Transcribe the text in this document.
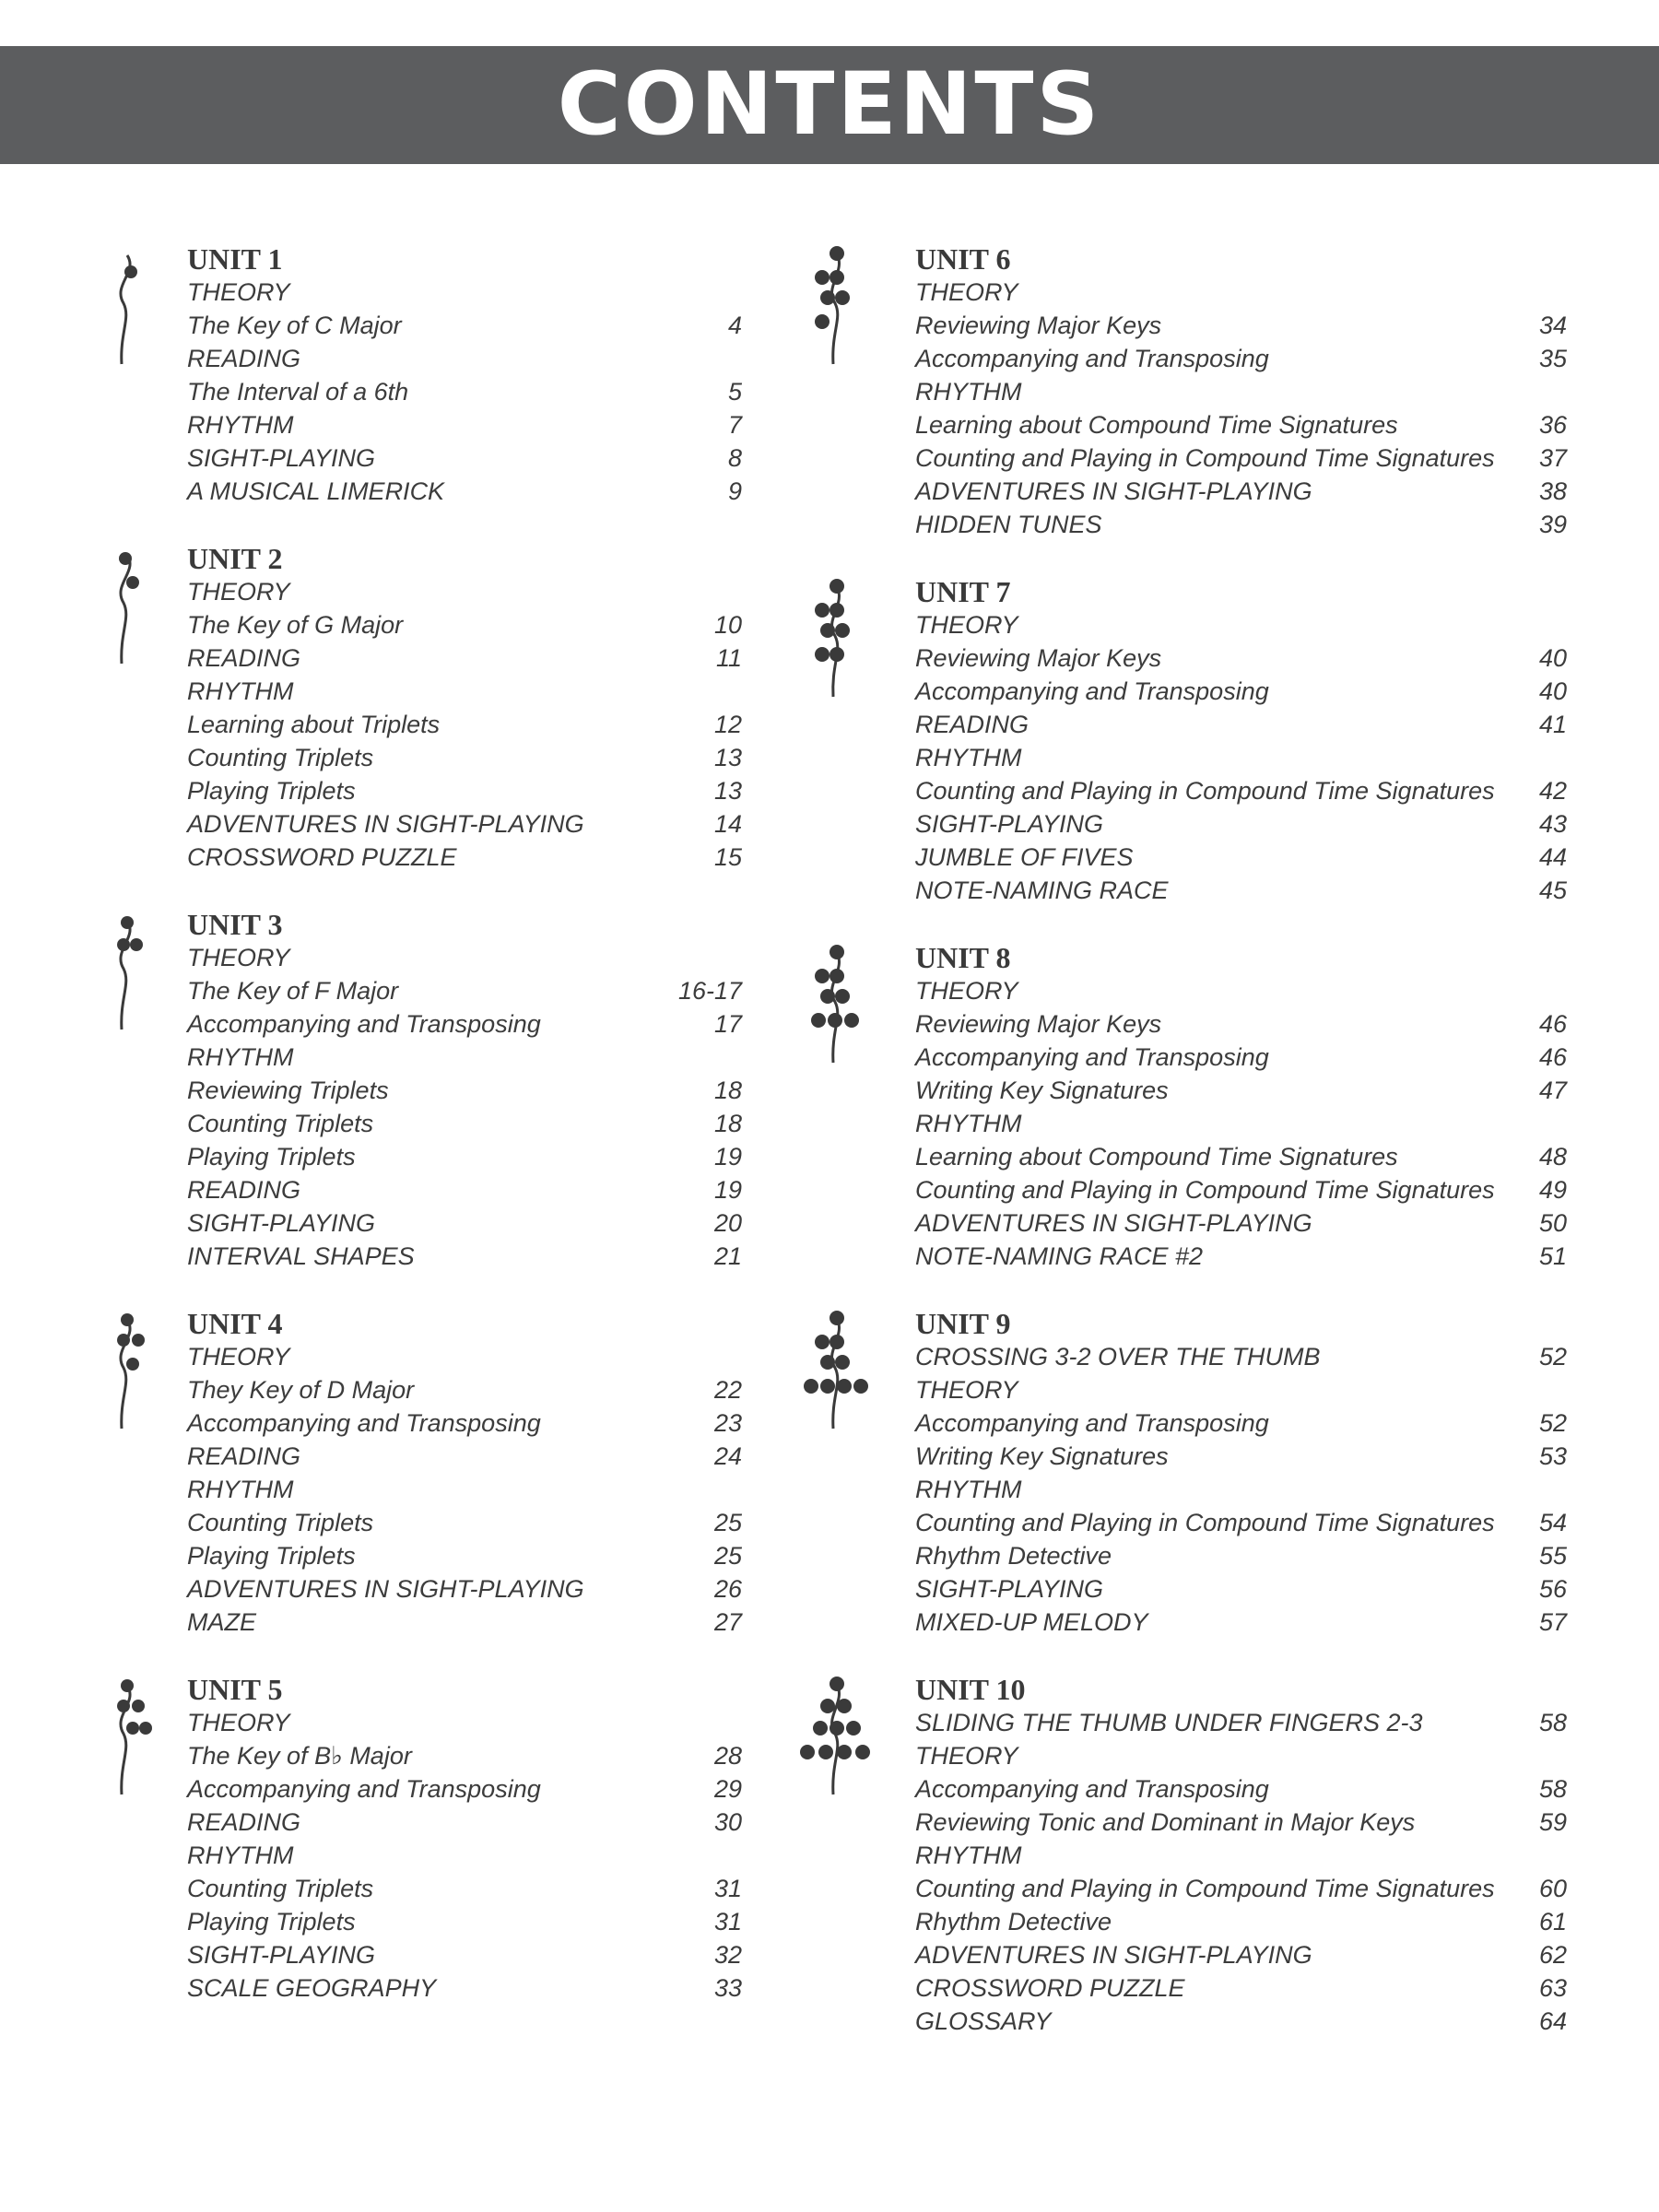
CONTENTS
UNIT 1
THEORY
The Key of C Major	4
READING
The Interval of a 6th	5
RHYTHM	7
SIGHT-PLAYING	8
A MUSICAL LIMERICK	9
UNIT 2
THEORY
The Key of G Major	10
READING	11
RHYTHM
Learning about Triplets	12
Counting Triplets	13
Playing Triplets	13
ADVENTURES IN SIGHT-PLAYING	14
CROSSWORD PUZZLE	15
UNIT 3
THEORY
The Key of F Major	16-17
Accompanying and Transposing	17
RHYTHM
Reviewing Triplets	18
Counting Triplets	18
Playing Triplets	19
READING	19
SIGHT-PLAYING	20
INTERVAL SHAPES	21
UNIT 4
THEORY
They Key of D Major	22
Accompanying and Transposing	23
READING	24
RHYTHM
Counting Triplets	25
Playing Triplets	25
ADVENTURES IN SIGHT-PLAYING	26
MAZE	27
UNIT 5
THEORY
The Key of B♭ Major	28
Accompanying and Transposing	29
READING	30
RHYTHM
Counting Triplets	31
Playing Triplets	31
SIGHT-PLAYING	32
SCALE GEOGRAPHY	33
UNIT 6
THEORY
Reviewing Major Keys	34
Accompanying and Transposing	35
RHYTHM
Learning about Compound Time Signatures	36
Counting and Playing in Compound Time Signatures 37
ADVENTURES IN SIGHT-PLAYING	38
HIDDEN TUNES	39
UNIT 7
THEORY
Reviewing Major Keys	40
Accompanying and Transposing	40
READING	41
RHYTHM
Counting and Playing in Compound Time Signatures 42
SIGHT-PLAYING	43
JUMBLE OF FIVES	44
NOTE-NAMING RACE	45
UNIT 8
THEORY
Reviewing Major Keys	46
Accompanying and Transposing	46
Writing Key Signatures	47
RHYTHM
Learning about Compound Time Signatures	48
Counting and Playing in Compound Time Signatures 49
ADVENTURES IN SIGHT-PLAYING	50
NOTE-NAMING RACE #2	51
UNIT 9
CROSSING 3-2 OVER THE THUMB	52
THEORY
Accompanying and Transposing	52
Writing Key Signatures	53
RHYTHM
Counting and Playing in Compound Time Signatures 54
Rhythm Detective	55
SIGHT-PLAYING	56
MIXED-UP MELODY	57
UNIT 10
SLIDING THE THUMB UNDER FINGERS 2-3	58
THEORY
Accompanying and Transposing	58
Reviewing Tonic and Dominant in Major Keys	59
RHYTHM
Counting and Playing in Compound Time Signatures 60
Rhythm Detective	61
ADVENTURES IN SIGHT-PLAYING	62
CROSSWORD PUZZLE	63
GLOSSARY	64
